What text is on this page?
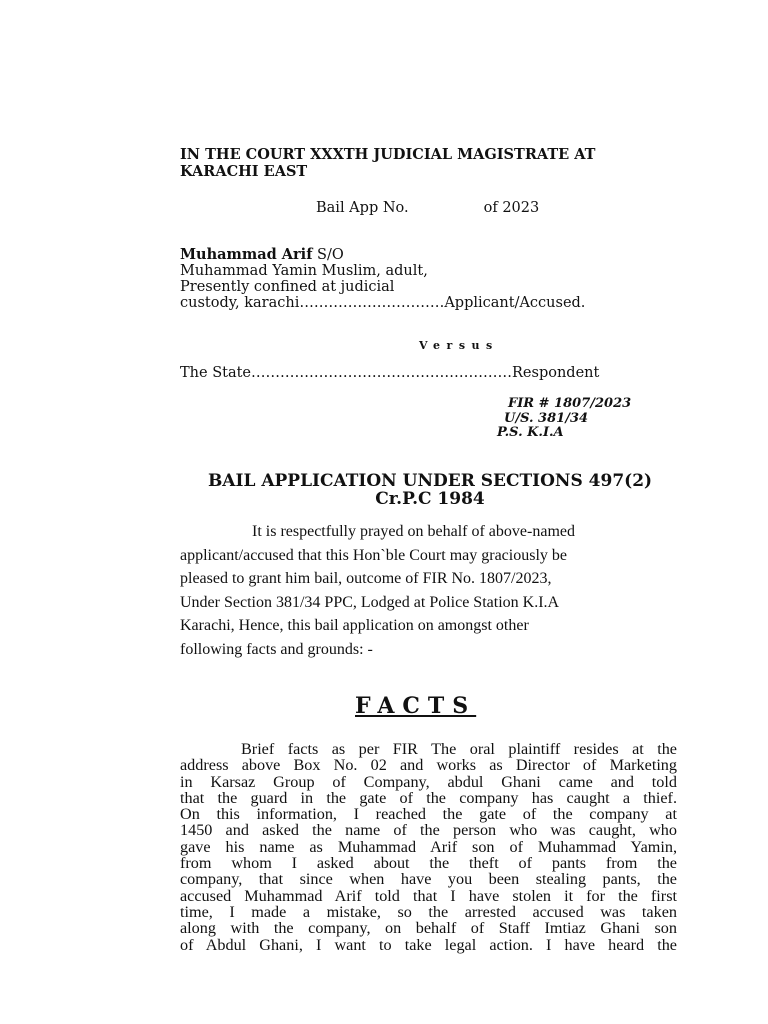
IN THE COURT XXXTH JUDICIAL MAGISTRATE AT
KARACHI EAST
Bail App No.	of 2023
Muhammad Arif S/O
Muhammad Yamin Muslim, adult,
Presently confined at judicial
custody, karachi…………………………Applicant/Accused.
Versus
The State………………………………………………Respondent
FIR # 1807/2023
U/S. 381/34
P.S. K.I.A
BAIL APPLICATION UNDER SECTIONS 497(2)
Cr.P.C 1984
It is respectfully prayed on behalf of above-named
applicant/accused that this Hon`ble Court may graciously be
pleased to grant him bail, outcome of FIR No. 1807/2023,
Under Section 381/34 PPC, Lodged at Police Station K.I.A
Karachi, Hence, this bail application on amongst other
following facts and grounds: -
FACTS
Brief facts as per FIR The oral plaintiff resides at the
address above Box No. 02 and works as Director of Marketing
in Karsaz Group of Company, abdul Ghani came and told
that the guard in the gate of the company has caught a thief.
On this information, I reached the gate of the company at
1450 and asked the name of the person who was caught, who
gave his name as Muhammad Arif son of Muhammad Yamin,
from whom I asked about the theft of pants from the
company, that since when have you been stealing pants, the
accused Muhammad Arif told that I have stolen it for the first
time, I made a mistake, so the arrested accused was taken
along with the company, on behalf of Staff Imtiaz Ghani son
of Abdul Ghani, I want to take legal action. I have heard the
